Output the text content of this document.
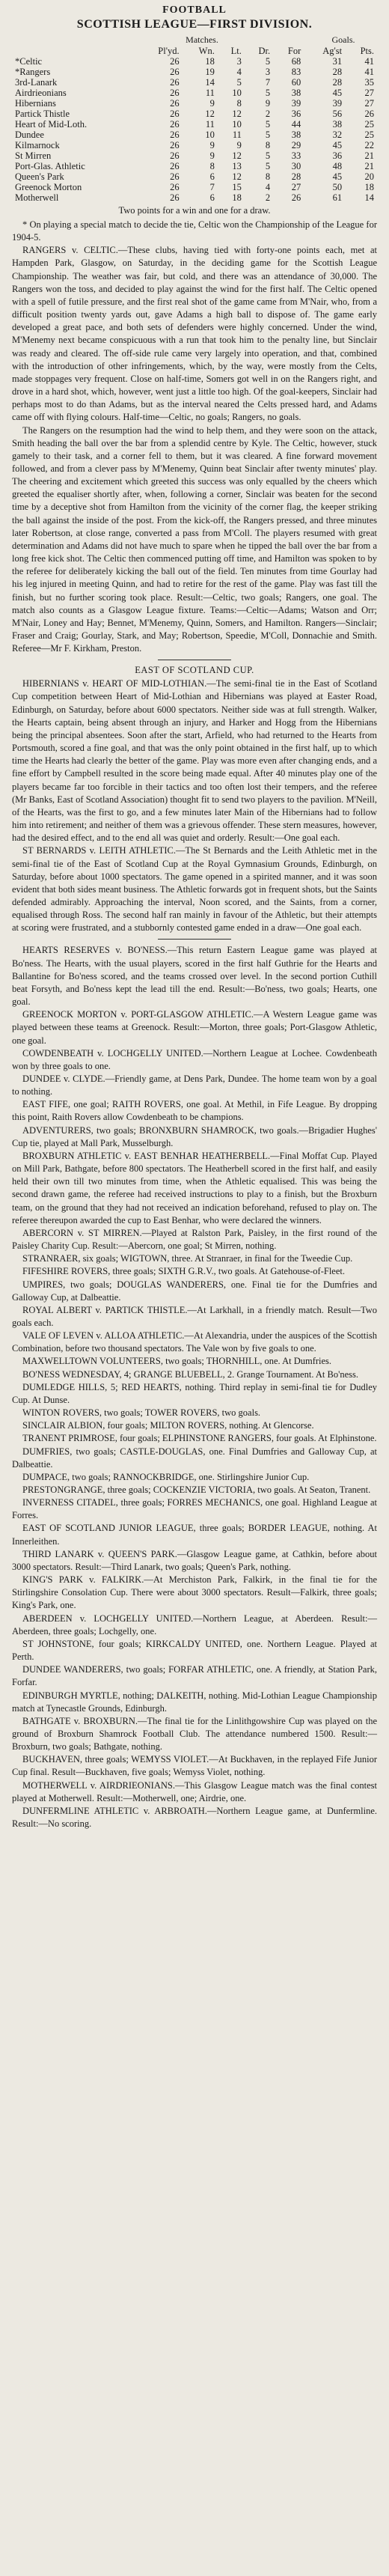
FOOTBALL
SCOTTISH LEAGUE—FIRST DIVISION.
Matches.	Goals.
	Pl'yd.	Wn.	Lt.	Dr.	For	Ag'st	Pts.
*Celtic	26	18	3	5	68	31	41
*Rangers	26	19	4	3	83	28	41
3rd-Lanark	26	14	5	7	60	28	35
Airdrieonians	26	11	10	5	38	45	27
Hibernians	26	9	8	9	39	39	27
Partick Thistle	26	12	12	2	36	56	26
Heart of Mid-Loth.	26	11	10	5	44	38	25
Dundee	26	10	11	5	38	32	25
Kilmarnock	26	9	9	8	29	45	22
St Mirren	26	9	12	5	33	36	21
Port-Glas. Athletic	26	8	13	5	30	48	21
Queen's Park	26	6	12	8	28	45	20
Greenock Morton	26	7	15	4	27	50	18
Motherwell	26	6	18	2	26	61	14
Two points for a win and one for a draw.

* On playing a special match to decide the tie, Celtic won the Championship of the League for 1904-5.

RANGERS v. CELTIC.—These clubs, having tied with forty-one points each, met at Hampden Park, Glasgow, on Saturday, in the deciding game for the Scottish League Championship. The weather was fair, but cold, and there was an attendance of 30,000. The Rangers won the toss, and decided to play against the wind for the first half. The Celtic opened with a spell of futile pressure, and the first real shot of the game came from M'Nair, who, from a difficult position twenty yards out, gave Adams a high ball to dispose of. The game early developed a great pace, and both sets of defenders were highly concerned. Under the wind, M'Menemy next became conspicuous with a run that took him to the penalty line, but Sinclair was ready and cleared. The off-side rule came very largely into operation, and that, combined with the introduction of other infringements, which, by the way, were mostly from the Celts, made stoppages very frequent. Close on half-time, Somers got well in on the Rangers right, and drove in a hard shot, which, however, went just a little too high. Of the goal-keepers, Sinclair had perhaps most to do than Adams, but as the interval neared the Celts pressed hard, and Adams came off with flying colours. Half-time—Celtic, no goals; Rangers, no goals.

The Rangers on the resumption had the wind to help them, and they were soon on the attack, Smith heading the ball over the bar from a splendid centre by Kyle. The Celtic, however, stuck gamely to their task, and a corner fell to them, but it was cleared. A fine forward movement followed, and from a clever pass by M'Menemy, Quinn beat Sinclair after twenty minutes' play. The cheering and excitement which greeted this success was only equalled by the cheers which greeted the equaliser shortly after, when, following a corner, Sinclair was beaten for the second time by a deceptive shot from Hamilton from the vicinity of the corner flag, the keeper striking the ball against the inside of the post. From the kick-off, the Rangers pressed, and three minutes later Robertson, at close range, converted a pass from M'Coll. The players resumed with great determination and Adams did not have much to spare when he tipped the ball over the bar from a long free kick shot. The Celtic then commenced putting off time, and Hamilton was spoken to by the referee for deliberately kicking the ball out of the field. Ten minutes from time Gourlay had his leg injured in meeting Quinn, and had to retire for the rest of the game. Play was fast till the finish, but no further scoring took place. Result:—Celtic, two goals; Rangers, one goal. The match also counts as a Glasgow League fixture. Teams:—Celtic—Adams; Watson and Orr; M'Nair, Loney and Hay; Bennet, M'Menemy, Quinn, Somers, and Hamilton. Rangers—Sinclair; Fraser and Craig; Gourlay, Stark, and May; Robertson, Speedie, M'Coll, Donnachie and Smith. Referee—Mr F. Kirkham, Preston.

EAST OF SCOTLAND CUP.

HIBERNIANS v. HEART OF MID-LOTHIAN.—The semi-final tie in the East of Scotland Cup competition between Heart of Mid-Lothian and Hibernians was played at Easter Road, Edinburgh, on Saturday, before about 6000 spectators. Neither side was at full strength. Walker, the Hearts captain, being absent through an injury, and Harker and Hogg from the Hibernians being the principal absentees. Soon after the start, Arfield, who had returned to the Hearts from Portsmouth, scored a fine goal, and that was the only point obtained in the first half, up to which time the Hearts had clearly the better of the game. Play was more even after changing ends, and a fine effort by Campbell resulted in the score being made equal. After 40 minutes play one of the players became far too forcible in their tactics and too often lost their tempers, and the referee (Mr Banks, East of Scotland Association) thought fit to send two players to the pavilion. M'Neill, of the Hearts, was the first to go, and a few minutes later Main of the Hibernians had to follow him into retirement; and neither of them was a grievous offender. These stern measures, however, had the desired effect, and to the end all was quiet and orderly. Result:—One goal each.

ST BERNARDS v. LEITH ATHLETIC.—The St Bernards and the Leith Athletic met in the semi-final tie of the East of Scotland Cup at the Royal Gymnasium Grounds, Edinburgh, on Saturday, before about 1000 spectators. The game opened in a spirited manner, and it was soon evident that both sides meant business. The Athletic forwards got in frequent shots, but the Saints defended admirably. Approaching the interval, Noon scored, and the Saints, from a corner, equalised through Ross. The second half ran mainly in favour of the Athletic, but their attempts at scoring were frustrated, and a stubbornly contested game ended in a draw—One goal each.

HEARTS RESERVES v. BO'NESS.—This return Eastern League game was played at Bo'ness. The Hearts, with the usual players, scored in the first half Guthrie for the Hearts and Ballantine for Bo'ness scored, and the teams crossed over level. In the second portion Cuthill beat Forsyth, and Bo'ness kept the lead till the end. Result:—Bo'ness, two goals; Hearts, one goal.

GREENOCK MORTON v. PORT-GLASGOW ATHLETIC.—A Western League game was played between these teams at Greenock. Result:—Morton, three goals; Port-Glasgow Athletic, one goal.

COWDENBEATH v. LOCHGELLY UNITED.—Northern League at Lochee. Cowdenbeath won by three goals to one.

DUNDEE v. CLYDE.—Friendly game, at Dens Park, Dundee. The home team won by a goal to nothing.

EAST FIFE, one goal; RAITH ROVERS, one goal. At Methil, in Fife League. By dropping this point, Raith Rovers allow Cowdenbeath to be champions.

ADVENTURERS, two goals; BRONXBURN SHAMROCK, two goals.—Brigadier Hughes' Cup tie, played at Mall Park, Musselburgh.

BROXBURN ATHLETIC v. EAST BENHAR HEATHERBELL.—Final Moffat Cup. Played on Mill Park, Bathgate, before 800 spectators. The Heatherbell scored in the first half, and easily held their own till two minutes from time, when the Athletic equalised. This was being the second drawn game, the referee had received instructions to play to a finish, but the Broxburn team, on the ground that they had not received an indication beforehand, refused to play on. The referee thereupon awarded the cup to East Benhar, who were declared the winners.

ABERCORN v. ST MIRREN.—Played at Ralston Park, Paisley, in the first round of the Paisley Charity Cup. Result:—Abercorn, one goal; St Mirren, nothing.

STRANRAER, six goals; WIGTOWN, three. At Stranraer, in final for the Tweedie Cup.

FIFESHIRE ROVERS, three goals; SIXTH G.R.V., two goals. At Gatehouse-of-Fleet.

UMPIRES, two goals; DOUGLAS WANDERERS, one. Final tie for the Dumfries and Galloway Cup, at Dalbeattie.

ROYAL ALBERT v. PARTICK THISTLE.—At Larkhall, in a friendly match. Result—Two goals each.

VALE OF LEVEN v. ALLOA ATHLETIC.—At Alexandria, under the auspices of the Scottish Combination, before two thousand spectators. The Vale won by five goals to one.

MAXWELLTOWN VOLUNTEERS, two goals; THORNHILL, one. At Dumfries.

BO'NESS WEDNESDAY, 4; GRANGE BLUEBELL, 2. Grange Tournament. At Bo'ness.

DUMLEDGE HILLS, 5; RED HEARTS, nothing. Third replay in semi-final tie for Dudley Cup. At Dunse.

WINTON ROVERS, two goals; TOWER ROVERS, two goals.

SINCLAIR ALBION, four goals; MILTON ROVERS, nothing. At Glencorse.

TRANENT PRIMROSE, four goals; ELPHINSTONE RANGERS, four goals. At Elphinstone.

DUMFRIES, two goals; CASTLE-DOUGLAS, one. Final Dumfries and Galloway Cup, at Dalbeattie.

DUMPACE, two goals; RANNOCKBRIDGE, one. Stirlingshire Junior Cup.

PRESTONGRANGE, three goals; COCKENZIE VICTORIA, two goals. At Seaton, Tranent.

INVERNESS CITADEL, three goals; FORRES MECHANICS, one goal. Highland League at Forres.

EAST OF SCOTLAND JUNIOR LEAGUE, three goals; BORDER LEAGUE, nothing. At Innerleithen.

THIRD LANARK v. QUEEN'S PARK.—Glasgow League game, at Cathkin, before about 3000 spectators. Result:—Third Lanark, two goals; Queen's Park, nothing.

KING'S PARK v. FALKIRK.—At Merchiston Park, Falkirk, in the final tie for the Stirlingshire Consolation Cup. There were about 3000 spectators. Result—Falkirk, three goals; King's Park, one.

ABERDEEN v. LOCHGELLY UNITED.—Northern League, at Aberdeen. Result:—Aberdeen, three goals; Lochgelly, one.

ST JOHNSTONE, four goals; KIRKCALDY UNITED, one. Northern League. Played at Perth.

DUNDEE WANDERERS, two goals; FORFAR ATHLETIC, one. A friendly, at Station Park, Forfar.

EDINBURGH MYRTLE, nothing; DALKEITH, nothing. Mid-Lothian League Championship match at Tynecastle Grounds, Edinburgh.

BATHGATE v. BROXBURN.—The final tie for the Linlithgowshire Cup was played on the ground of Broxburn Shamrock Football Club. The attendance numbered 1500. Result:—Broxburn, two goals; Bathgate, nothing.

BUCKHAVEN, three goals; WEMYSS VIOLET.—At Buckhaven, in the replayed Fife Junior Cup final. Result—Buckhaven, five goals; Wemyss Violet, nothing.

MOTHERWELL v. AIRDRIEONIANS.—This Glasgow League match was the final contest played at Motherwell. Result:—Motherwell, one; Airdrie, one.

DUNFERMLINE ATHLETIC v. ARBROATH.—Northern League game, at Dunfermline. Result:—No scoring.
